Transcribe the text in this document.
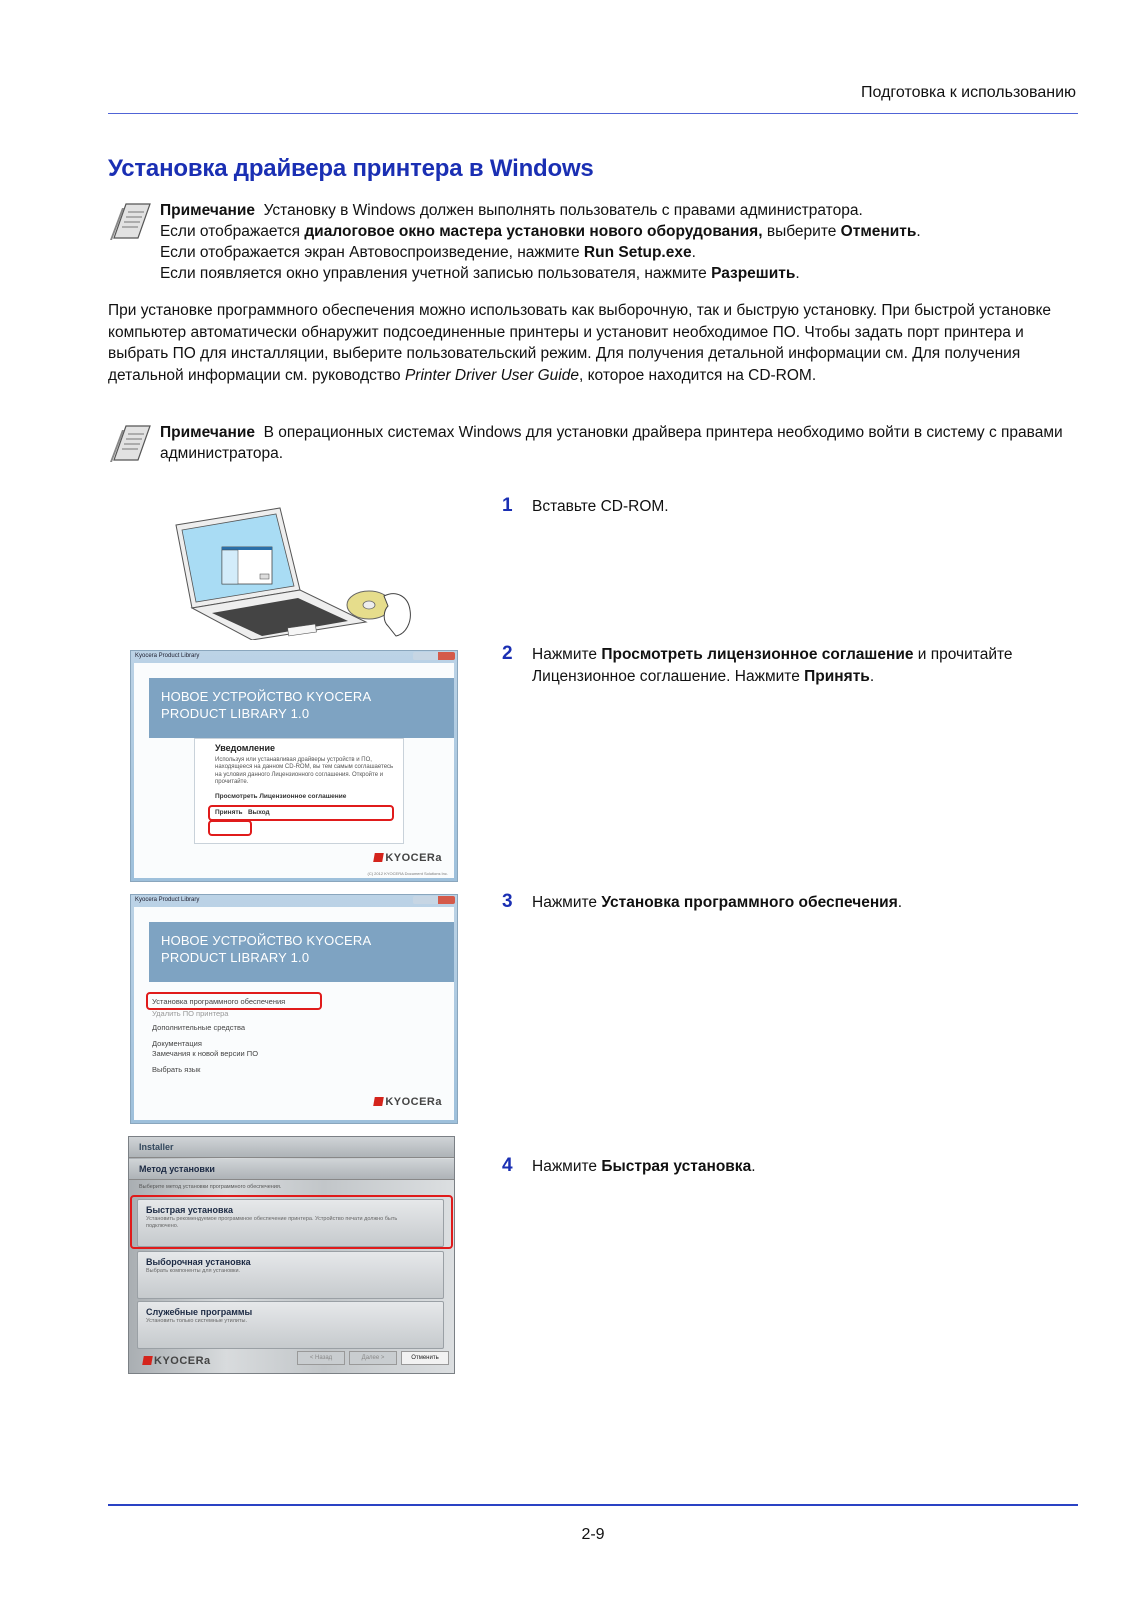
Подготовка к использованию
Установка драйвера принтера в Windows
Примечание Установку в Windows должен выполнять пользователь с правами администратора.
Если отображается диалоговое окно мастера установки нового оборудования, выберите Отменить.
Если отображается экран Автовоспроизведение, нажмите Run Setup.exe.
Если появляется окно управления учетной записью пользователя, нажмите Разрешить.
При установке программного обеспечения можно использовать как выборочную, так и быструю установку. При быстрой установке компьютер автоматически обнаружит подсоединенные принтеры и установит необходимое ПО. Чтобы задать порт принтера и выбрать ПО для инсталляции, выберите пользовательский режим. Для получения детальной информации см. Для получения детальной информации см. руководство Printer Driver User Guide, которое находится на CD-ROM.
Примечание В операционных системах Windows для установки драйвера принтера необходимо войти в систему с правами администратора.
1 Вставьте CD-ROM.
2 Нажмите Просмотреть лицензионное соглашение и прочитайте Лицензионное соглашение. Нажмите Принять.
3 Нажмите Установка программного обеспечения.
4 Нажмите Быстрая установка.
Kyocera Product Library
НОВОЕ УСТРОЙСТВО KYOCERA
PRODUCT LIBRARY 1.0
Уведомление
Используя или устанавливая драйверы устройств и ПО, находящееся на данном CD-ROM, вы тем самым соглашаетесь на условия данного Лицензионного соглашения. Откройте и прочитайте.
Просмотреть Лицензионное соглашение
Принять Выход
KYOCERa
(C) 2012 KYOCERA Document Solutions Inc.
Kyocera Product Library
НОВОЕ УСТРОЙСТВО KYOCERA
PRODUCT LIBRARY 1.0
Установка программного обеспечения
Удалить ПО принтера
Дополнительные средства
Документация
Замечания к новой версии ПО
Выбрать язык
KYOCERa
Installer
Метод установки
Выберите метод установки программного обеспечения.
Быстрая установка
Установить рекомендуемое программное обеспечение принтера. Устройство печати должно быть подключено.
Выборочная установка
Выбрать компоненты для установки.
Служебные программы
Установить только системные утилиты.
KYOCERa	< Назад	Далее >	Отменить
2-9
